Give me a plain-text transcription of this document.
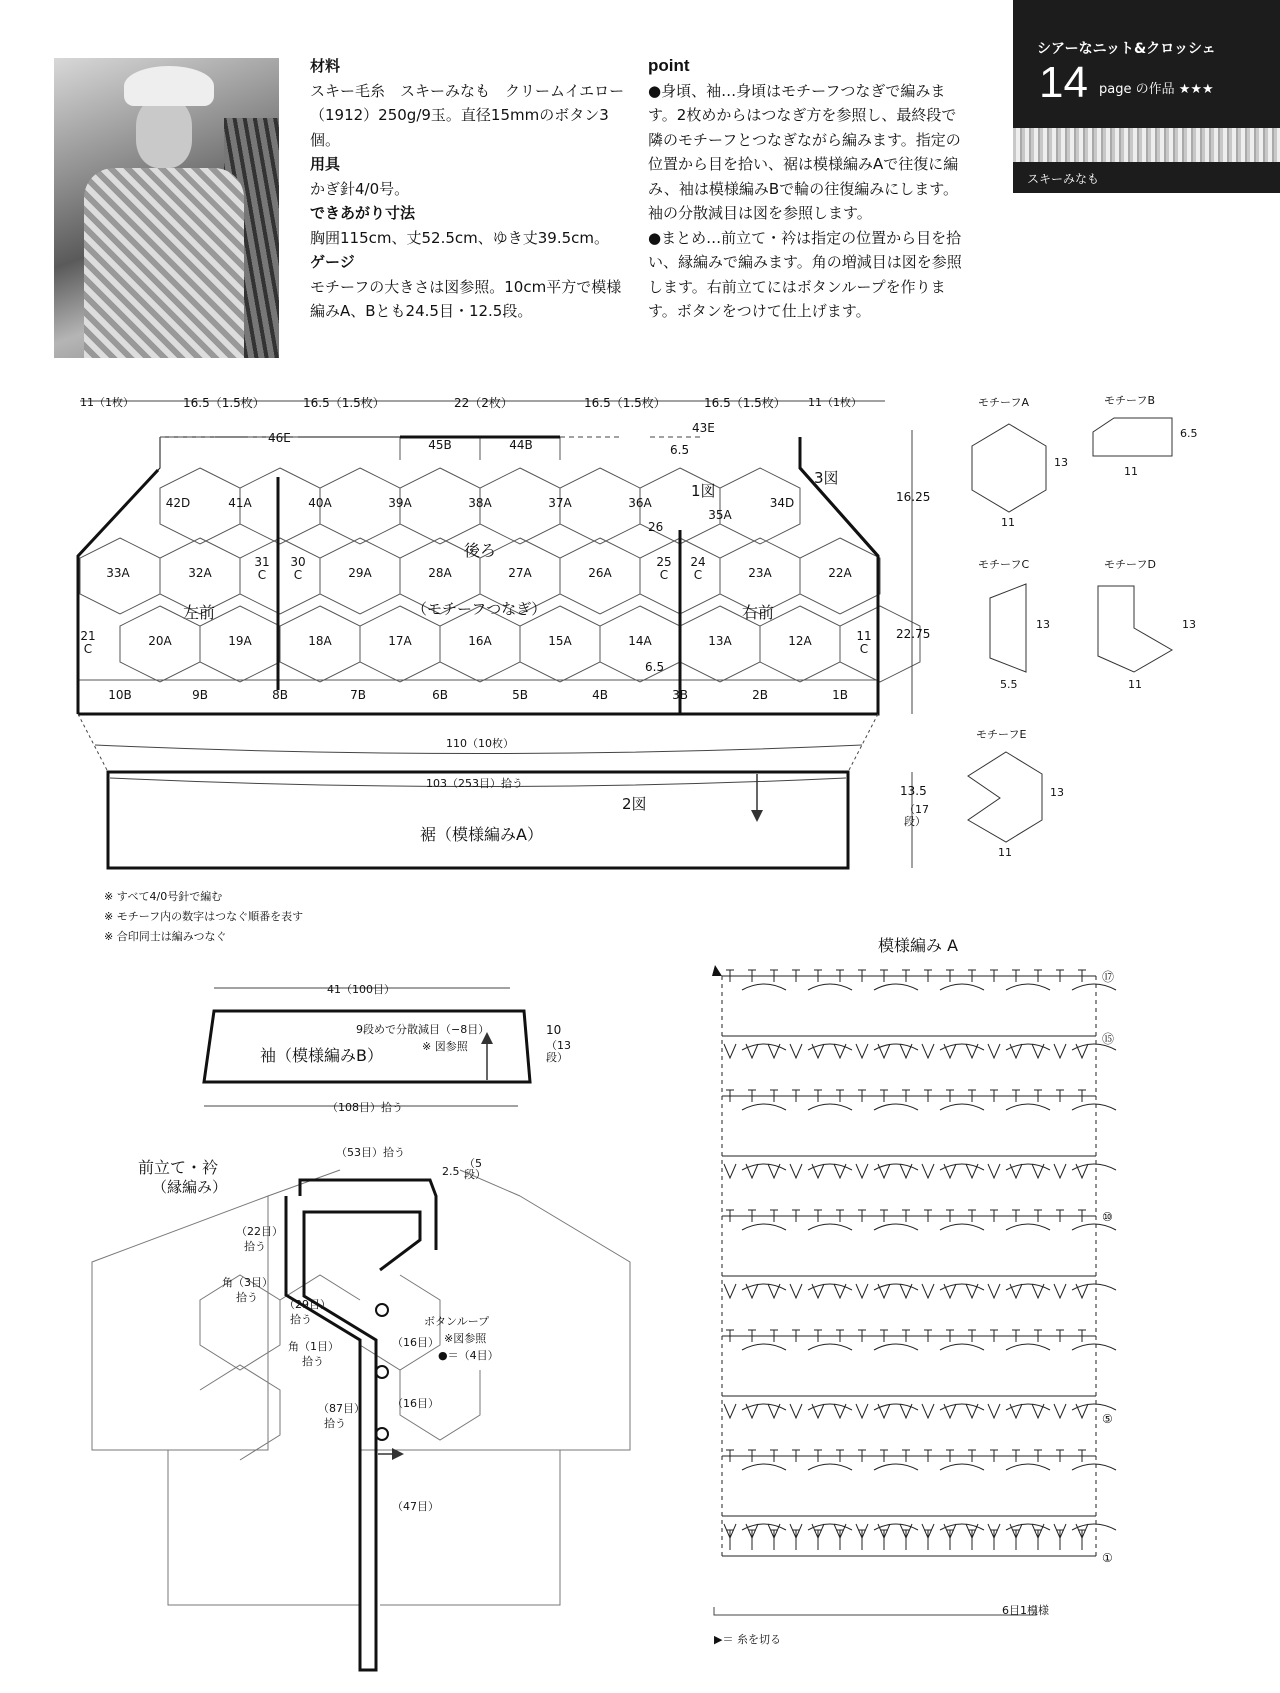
材料
スキー毛糸　スキーみなも　クリームイエロー（1912）250g/9玉。直径15mmのボタン3個。
用具
かぎ針4/0号。
できあがり寸法
胸囲115cm、丈52.5cm、ゆき丈39.5cm。
ゲージ
モチーフの大きさは図参照。10cm平方で模様編みA、Bとも24.5目・12.5段。
point
●身頃、袖…身頃はモチーフつなぎで編みます。2枚めからはつなぎ方を参照し、最終段で隣のモチーフとつなぎながら編みます。指定の位置から目を拾い、裾は模様編みAで往復に編み、袖は模様編みBで輪の往復編みにします。袖の分散減目は図を参照します。
●まとめ…前立て・衿は指定の位置から目を拾い、縁編みで編みます。角の増減目は図を参照します。右前立てにはボタンループを作ります。ボタンをつけて仕上げます。
シアーなニット&クロッシェ
14 page の作品 ★★★
スキーみなも
11（1枚）	16.5（1.5枚）	16.5（1.5枚）	22（2枚）	16.5（1.5枚）	16.5（1.5枚） 11（1枚）
46E
43E
6.5
26
6.5
1図
3図
2図
左前
後ろ
（モチーフつなぎ）	右前
16.25
22.75
110（10枚）
103（253目）拾う
裾（模様編みA）
13.5
（17段）
45B	44B
42D	41A	40A	39A	38A	37A	36A	34D
35A
33A	32A
31
C
30
C	29A	28A	27A	26A
25
C
24
C	23A	22A
21
C
20A	19A	18A	17A	16A	15A	14A	13A	12A	11
C
10B	9B	8B	7B	6B	5B	4B	3B	2B	1B
モチーフA	モチーフB
モチーフC	モチーフD
モチーフE
11
13
11
6.5
5.5
13
11
13
11
13
※ すべて4/0号針で編む
※ モチーフ内の数字はつなぐ順番を表す
※ 合印同士は編みつなぐ
41（100目）
袖（模様編みB）
9段めで分散減目（−8目）
※ 図参照
10
（13段）
（108目）拾う
前立て・衿
（縁編み）
（53目）拾う
2.5
（5段）
（22目）
拾う
角（3目）
拾う
（29目）
拾う
角（1目）
拾う
（87目）
拾う
（16目）
（16目）
（47目）
ボタンループ
※図参照
●＝（4目）
模様編み A
⑰
⑮
⑩
⑤
①
6目1模様
▶＝ 糸を切る
